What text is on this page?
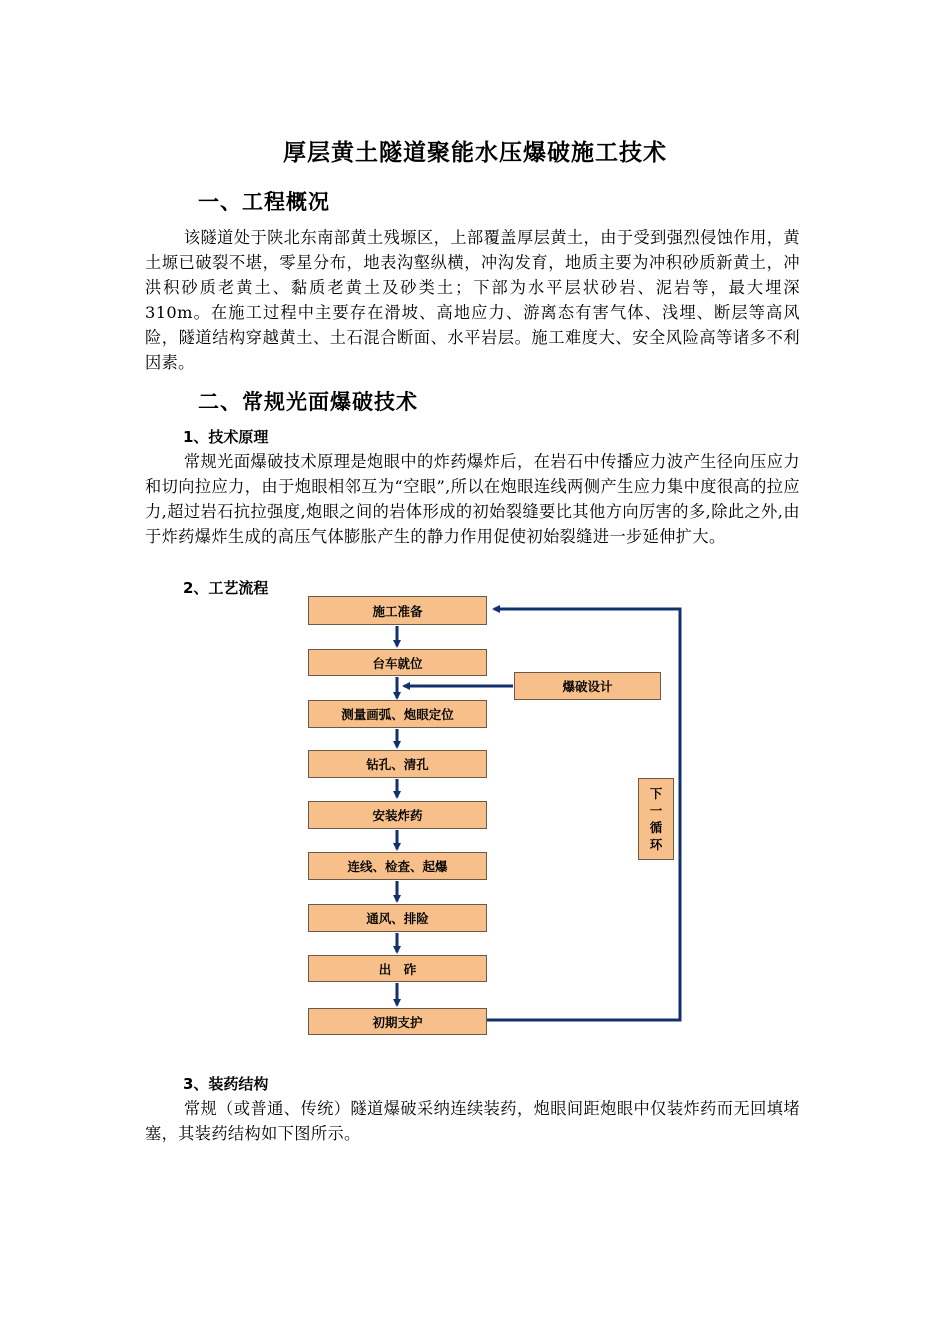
厚层黄土隧道聚能水压爆破施工技术
一、工程概况
该隧道处于陕北东南部黄土残塬区，上部覆盖厚层黄土，由于受到强烈侵蚀作用，黄土塬已破裂不堪，零星分布，地表沟壑纵横，冲沟发育，地质主要为冲积砂质新黄土，冲洪积砂质老黄土、黏质老黄土及砂类土；下部为水平层状砂岩、泥岩等，最大埋深310m。在施工过程中主要存在滑坡、高地应力、游离态有害气体、浅埋、断层等高风险，隧道结构穿越黄土、土石混合断面、水平岩层。施工难度大、安全风险高等诸多不利因素。
二、常规光面爆破技术
1、技术原理
常规光面爆破技术原理是炮眼中的炸药爆炸后，在岩石中传播应力波产生径向压应力和切向拉应力，由于炮眼相邻互为“空眼”,所以在炮眼连线两侧产生应力集中度很高的拉应力,超过岩石抗拉强度,炮眼之间的岩体形成的初始裂缝要比其他方向厉害的多,除此之外,由于炸药爆炸生成的高压气体膨胀产生的静力作用促使初始裂缝进一步延伸扩大。
2、工艺流程
施工准备
台车就位
测量画弧、炮眼定位
钻孔、清孔
安装炸药
连线、检查、起爆
通风、排险
出　砟
初期支护
爆破设计
下
一
循
环
3、装药结构
常规（或普通、传统）隧道爆破采纳连续装药，炮眼间距炮眼中仅装炸药而无回填堵塞，其装药结构如下图所示。
